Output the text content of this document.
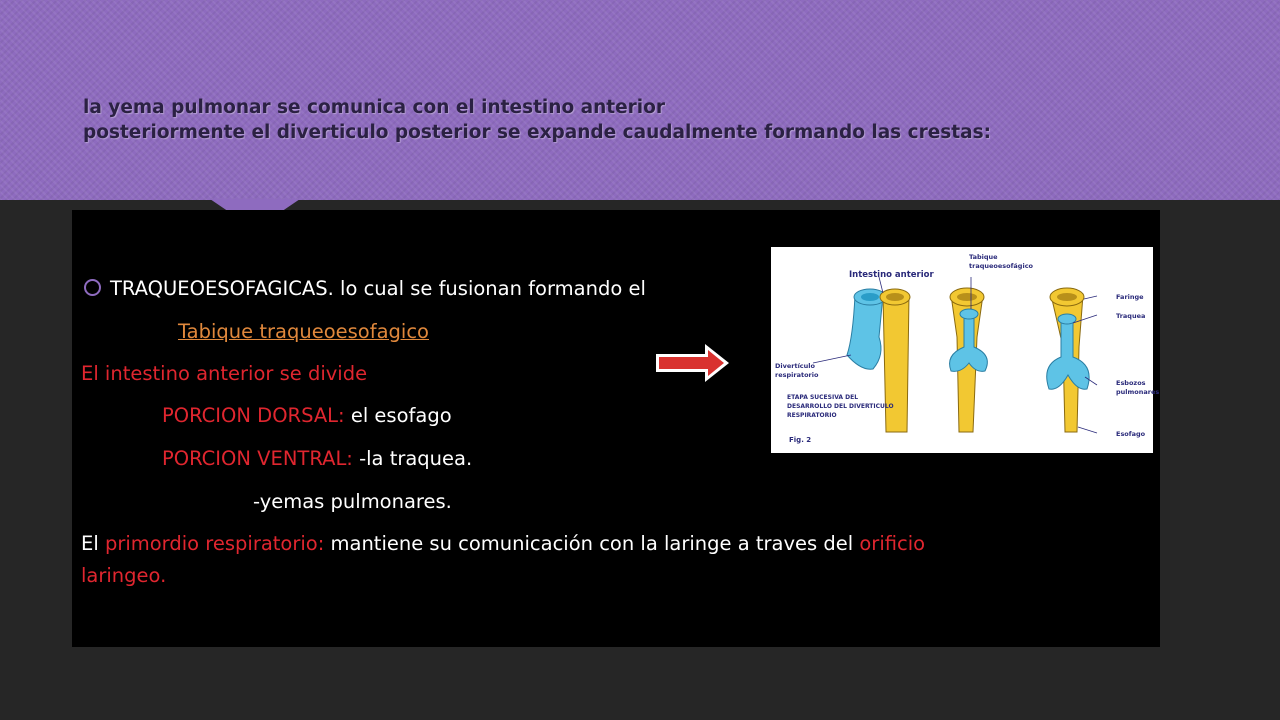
la yema pulmonar se comunica con el intestino anterior
posteriormente el diverticulo posterior se expande caudalmente formando las crestas:
TRAQUEOESOFAGICAS. lo cual se fusionan formando el
Tabique traqueoesofagico
El intestino anterior se divide
PORCION DORSAL: el esofago
PORCION VENTRAL: -la traquea.
-yemas pulmonares.
El primordio respiratorio: mantiene su comunicación con la laringe a traves del orificio
laringeo.
Intestino anterior
Tabique
traqueoesofágico
Faringe
Traquea
Esbozos
pulmonares
Esofago
Divertículo
respiratorio
ETAPA SUCESIVA DEL
DESARROLLO DEL DIVERTICULO
RESPIRATORIO
Fig. 2
